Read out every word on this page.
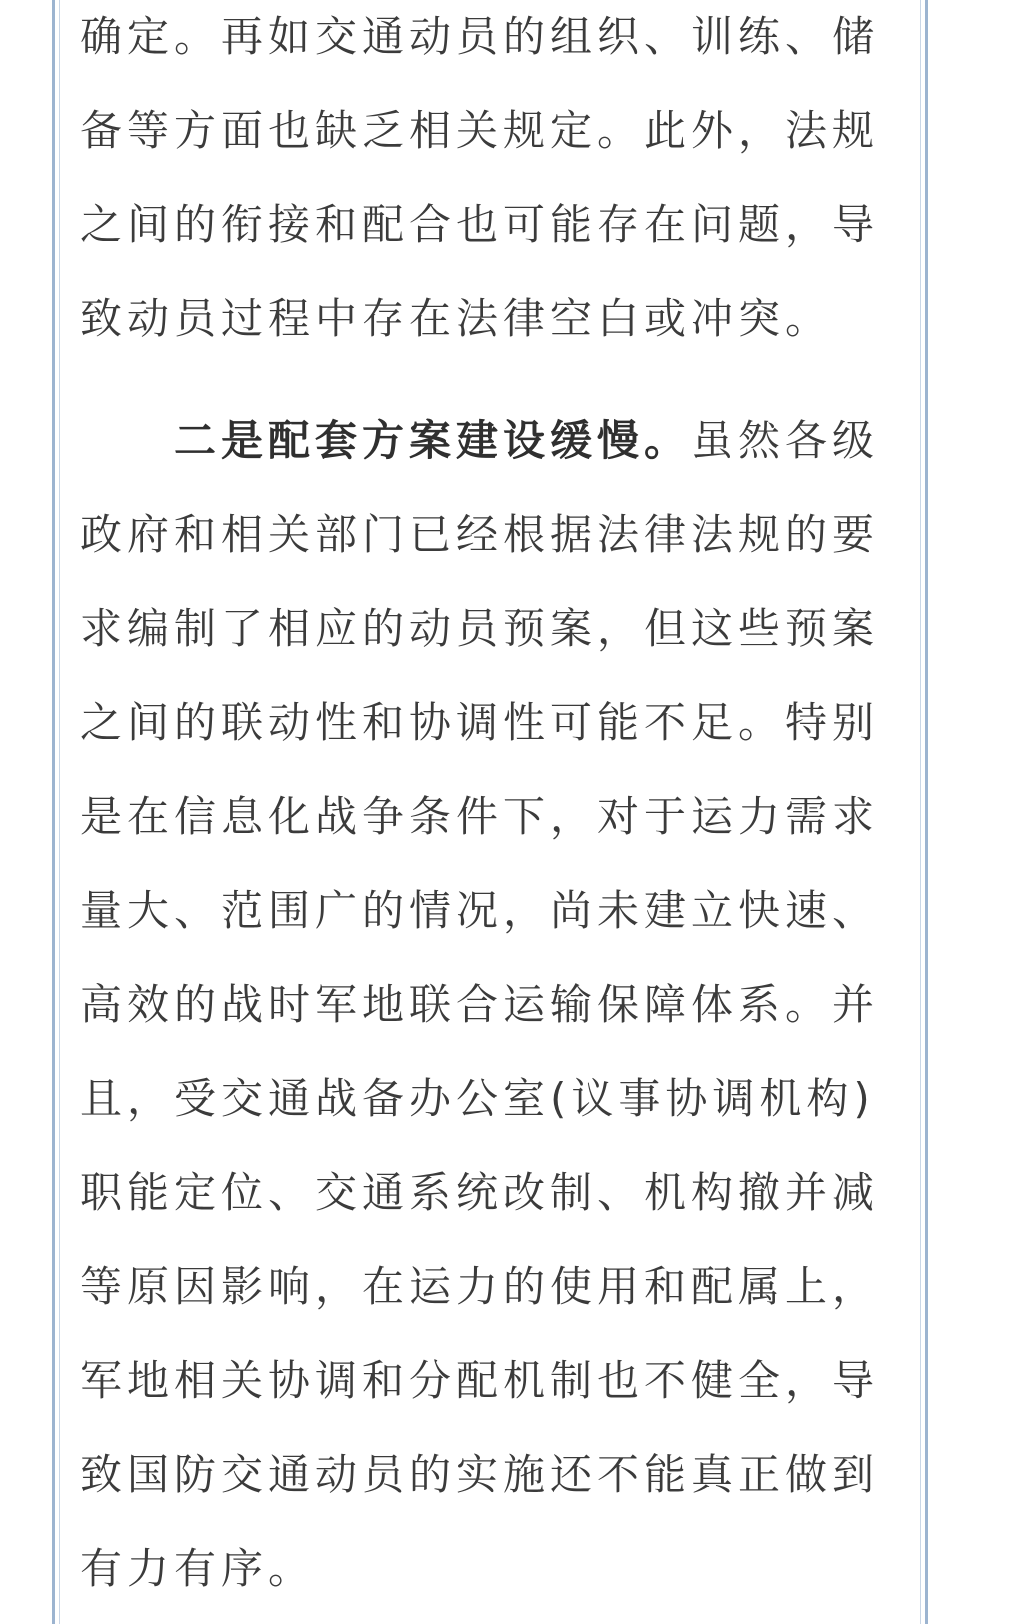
确定。再如交通动员的组织、训练、储备等方面也缺乏相关规定。此外，法规之间的衔接和配合也可能存在问题，导致动员过程中存在法律空白或冲突。

二是配套方案建设缓慢。虽然各级政府和相关部门已经根据法律法规的要求编制了相应的动员预案，但这些预案之间的联动性和协调性可能不足。特别是在信息化战争条件下，对于运力需求量大、范围广的情况，尚未建立快速、高效的战时军地联合运输保障体系。并且，受交通战备办公室(议事协调机构)职能定位、交通系统改制、机构撤并减等原因影响，在运力的使用和配属上，军地相关协调和分配机制也不健全，导致国防交通动员的实施还不能真正做到有力有序。
